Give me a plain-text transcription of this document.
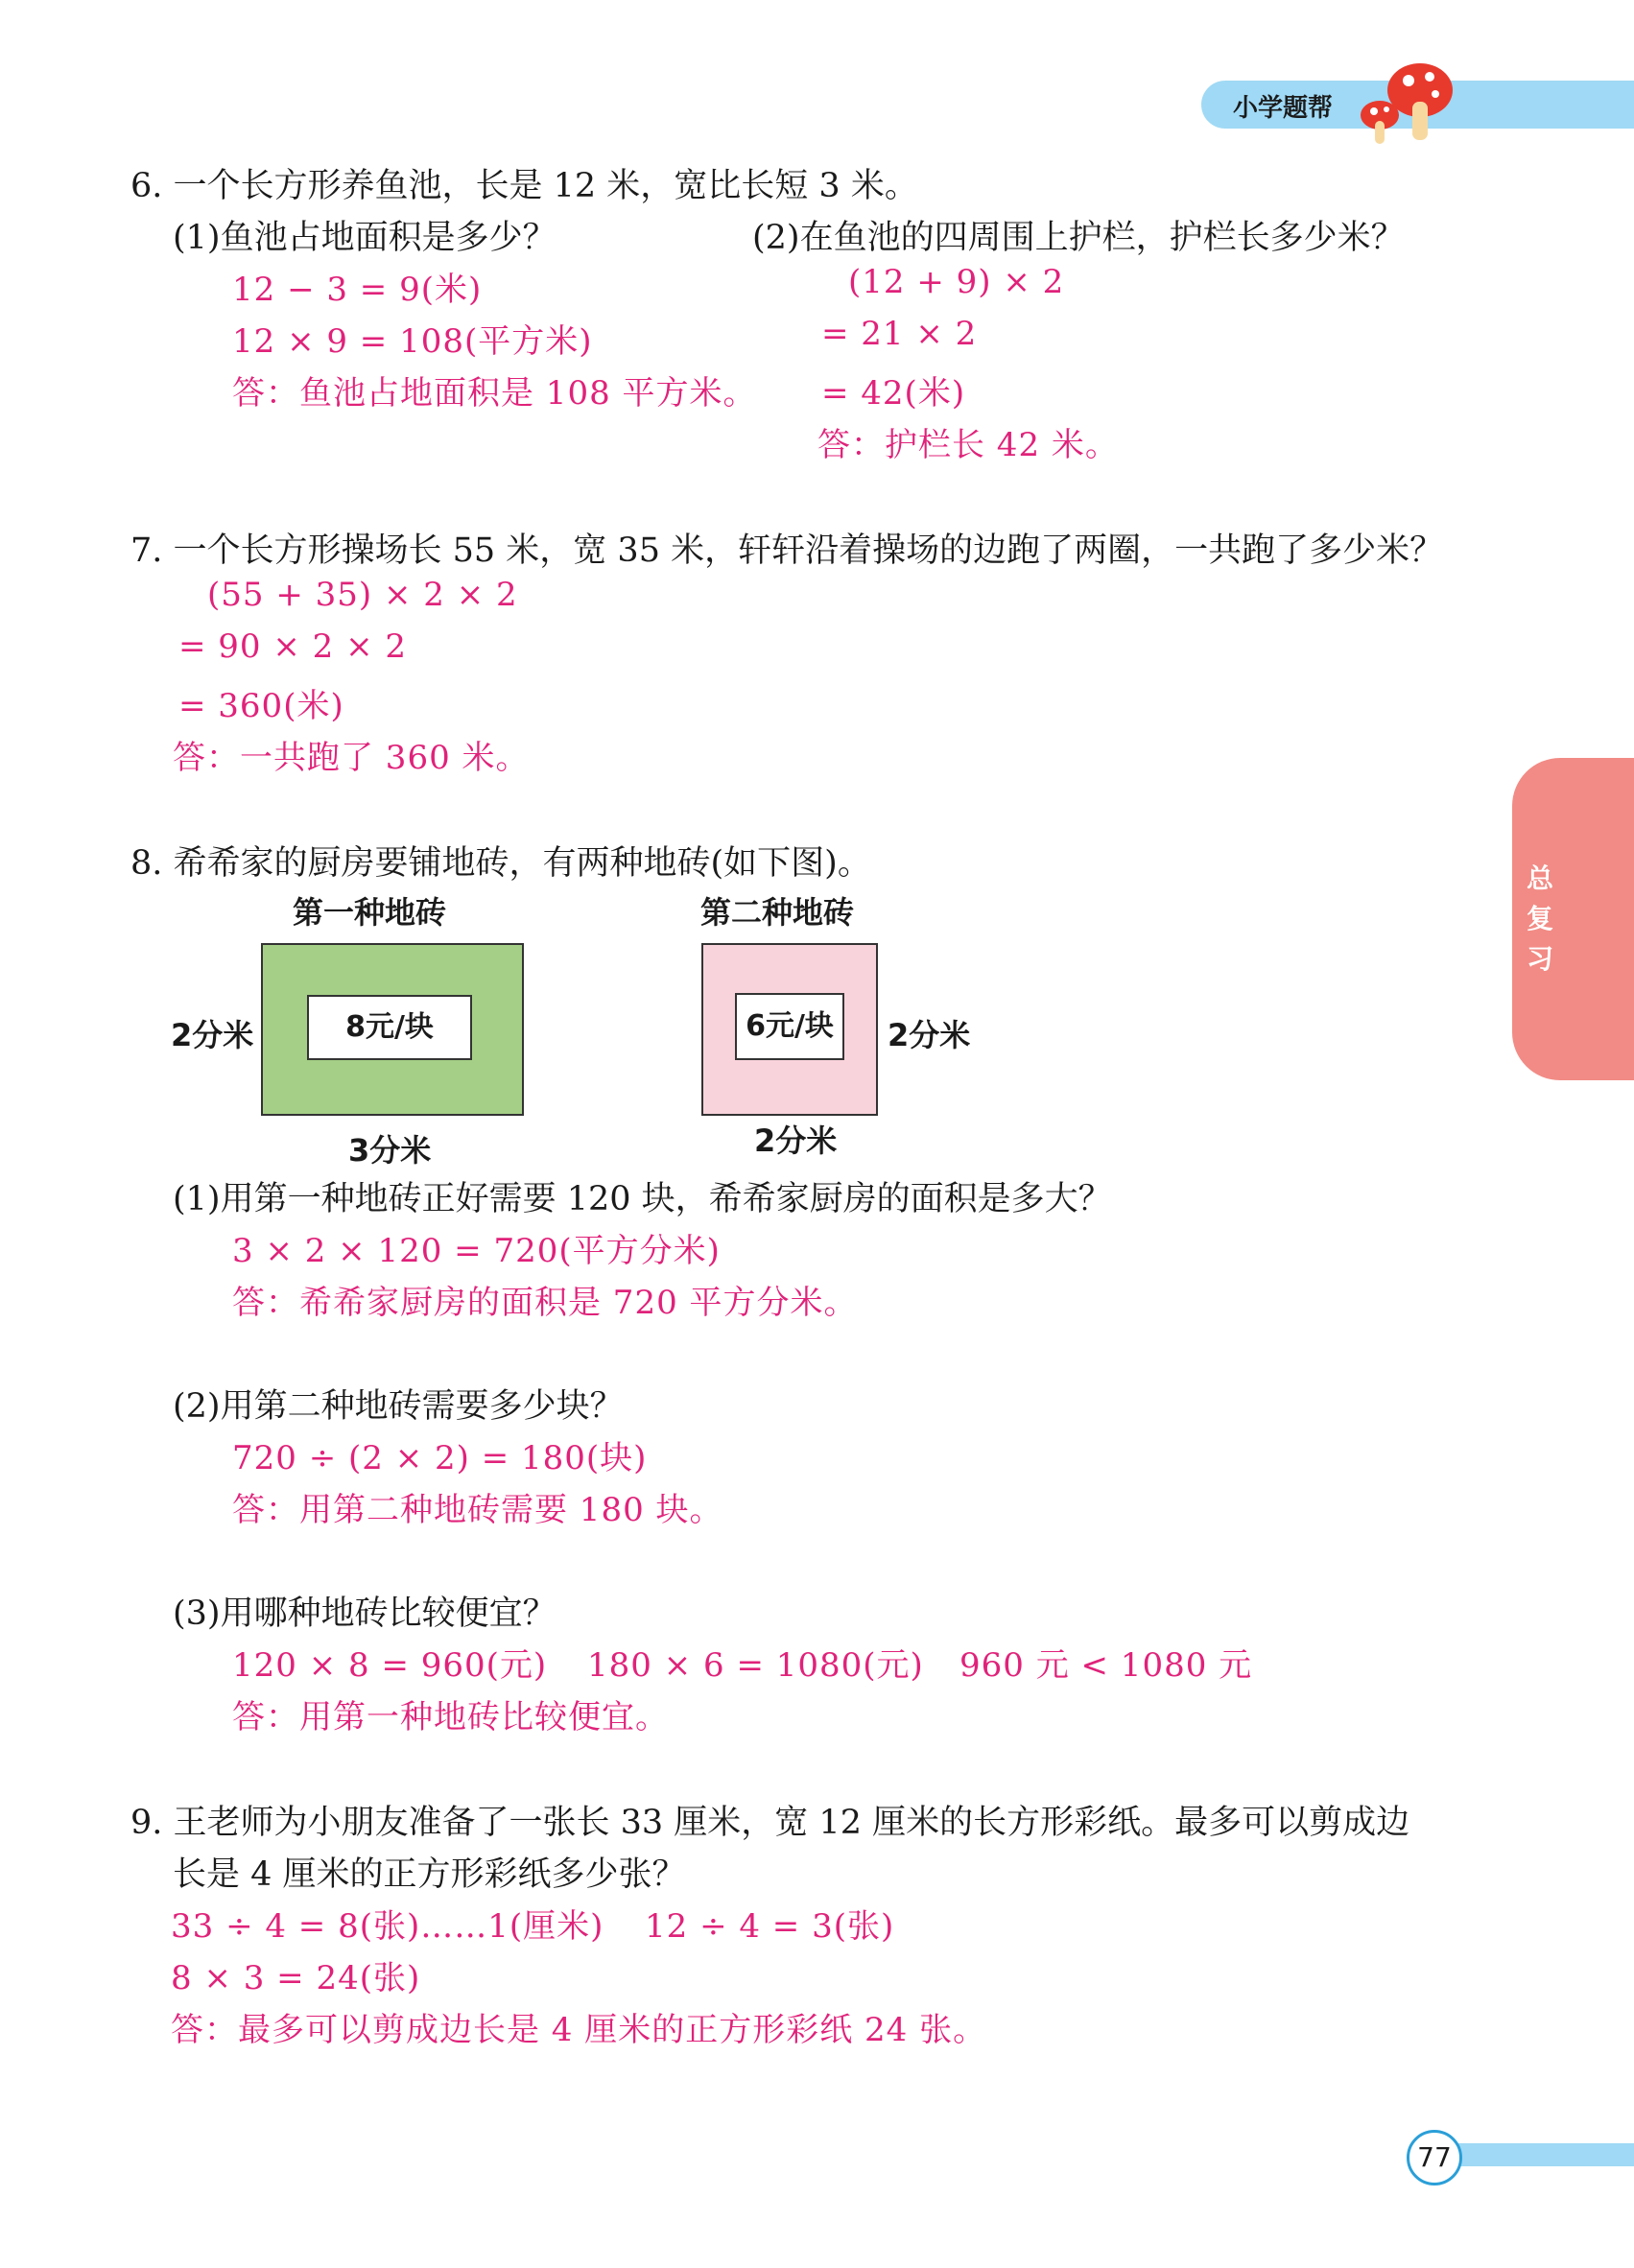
小学题帮
总复习
6. 一个长方形养鱼池，长是 12 米，宽比长短 3 米。
(1)鱼池占地面积是多少？
12 − 3 = 9(米)
12 × 9 = 108(平方米)
答：鱼池占地面积是 108 平方米。
(2)在鱼池的四周围上护栏，护栏长多少米？
(12 + 9) × 2
= 21 × 2
= 42(米)
答：护栏长 42 米。
7. 一个长方形操场长 55 米，宽 35 米，轩轩沿着操场的边跑了两圈，一共跑了多少米？
(55 + 35) × 2 × 2
= 90 × 2 × 2
= 360(米)
答：一共跑了 360 米。
8. 希希家的厨房要铺地砖，有两种地砖(如下图)。
第一种地砖
8元/块
2分米
3分米
第二种地砖
6元/块	2分米
2分米
(1)用第一种地砖正好需要 120 块，希希家厨房的面积是多大？
3 × 2 × 120 = 720(平方分米)
答：希希家厨房的面积是 720 平方分米。
(2)用第二种地砖需要多少块？
720 ÷ (2 × 2) = 180(块)
答：用第二种地砖需要 180 块。
(3)用哪种地砖比较便宜？
120 × 8 = 960(元) 180 × 6 = 1080(元) 960 元 < 1080 元
答：用第一种地砖比较便宜。
9. 王老师为小朋友准备了一张长 33 厘米，宽 12 厘米的长方形彩纸。最多可以剪成边
长是 4 厘米的正方形彩纸多少张？
33 ÷ 4 = 8(张)……1(厘米) 12 ÷ 4 = 3(张)
8 × 3 = 24(张)
答：最多可以剪成边长是 4 厘米的正方形彩纸 24 张。
77
